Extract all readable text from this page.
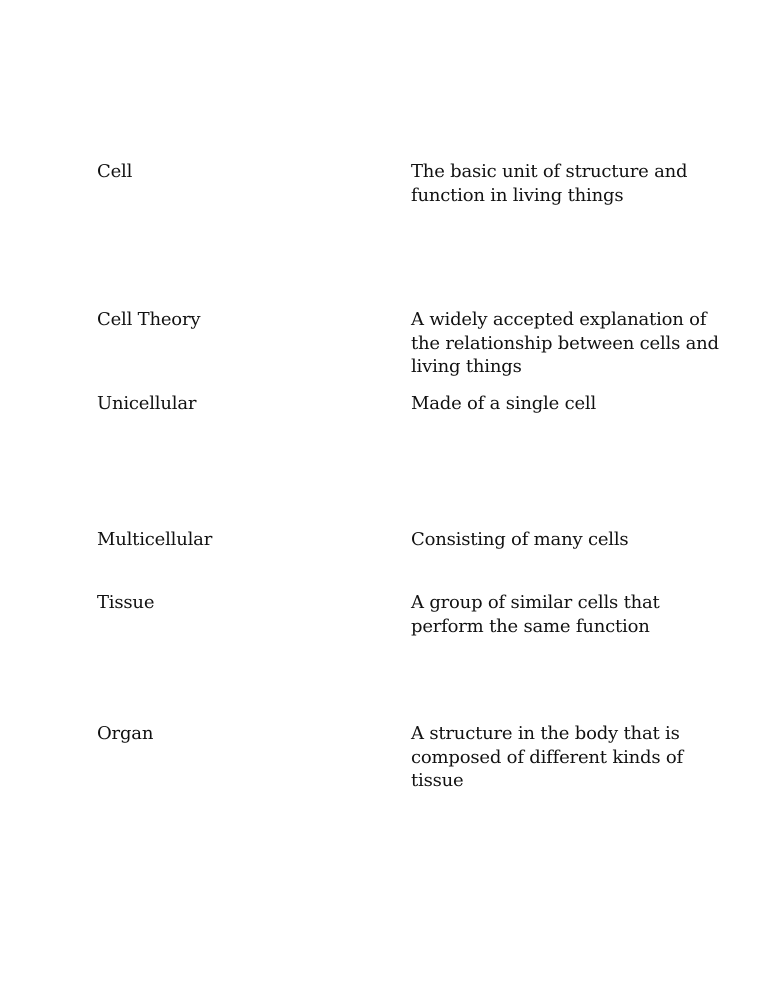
Cell	The basic unit of structure and function in living things

Cell Theory	A widely accepted explanation of the relationship between cells and living things

Unicellular	Made of a single cell

Multicellular	Consisting of many cells

Tissue	A group of similar cells that perform the same function

Organ	A structure in the body that is composed of different kinds of tissue
